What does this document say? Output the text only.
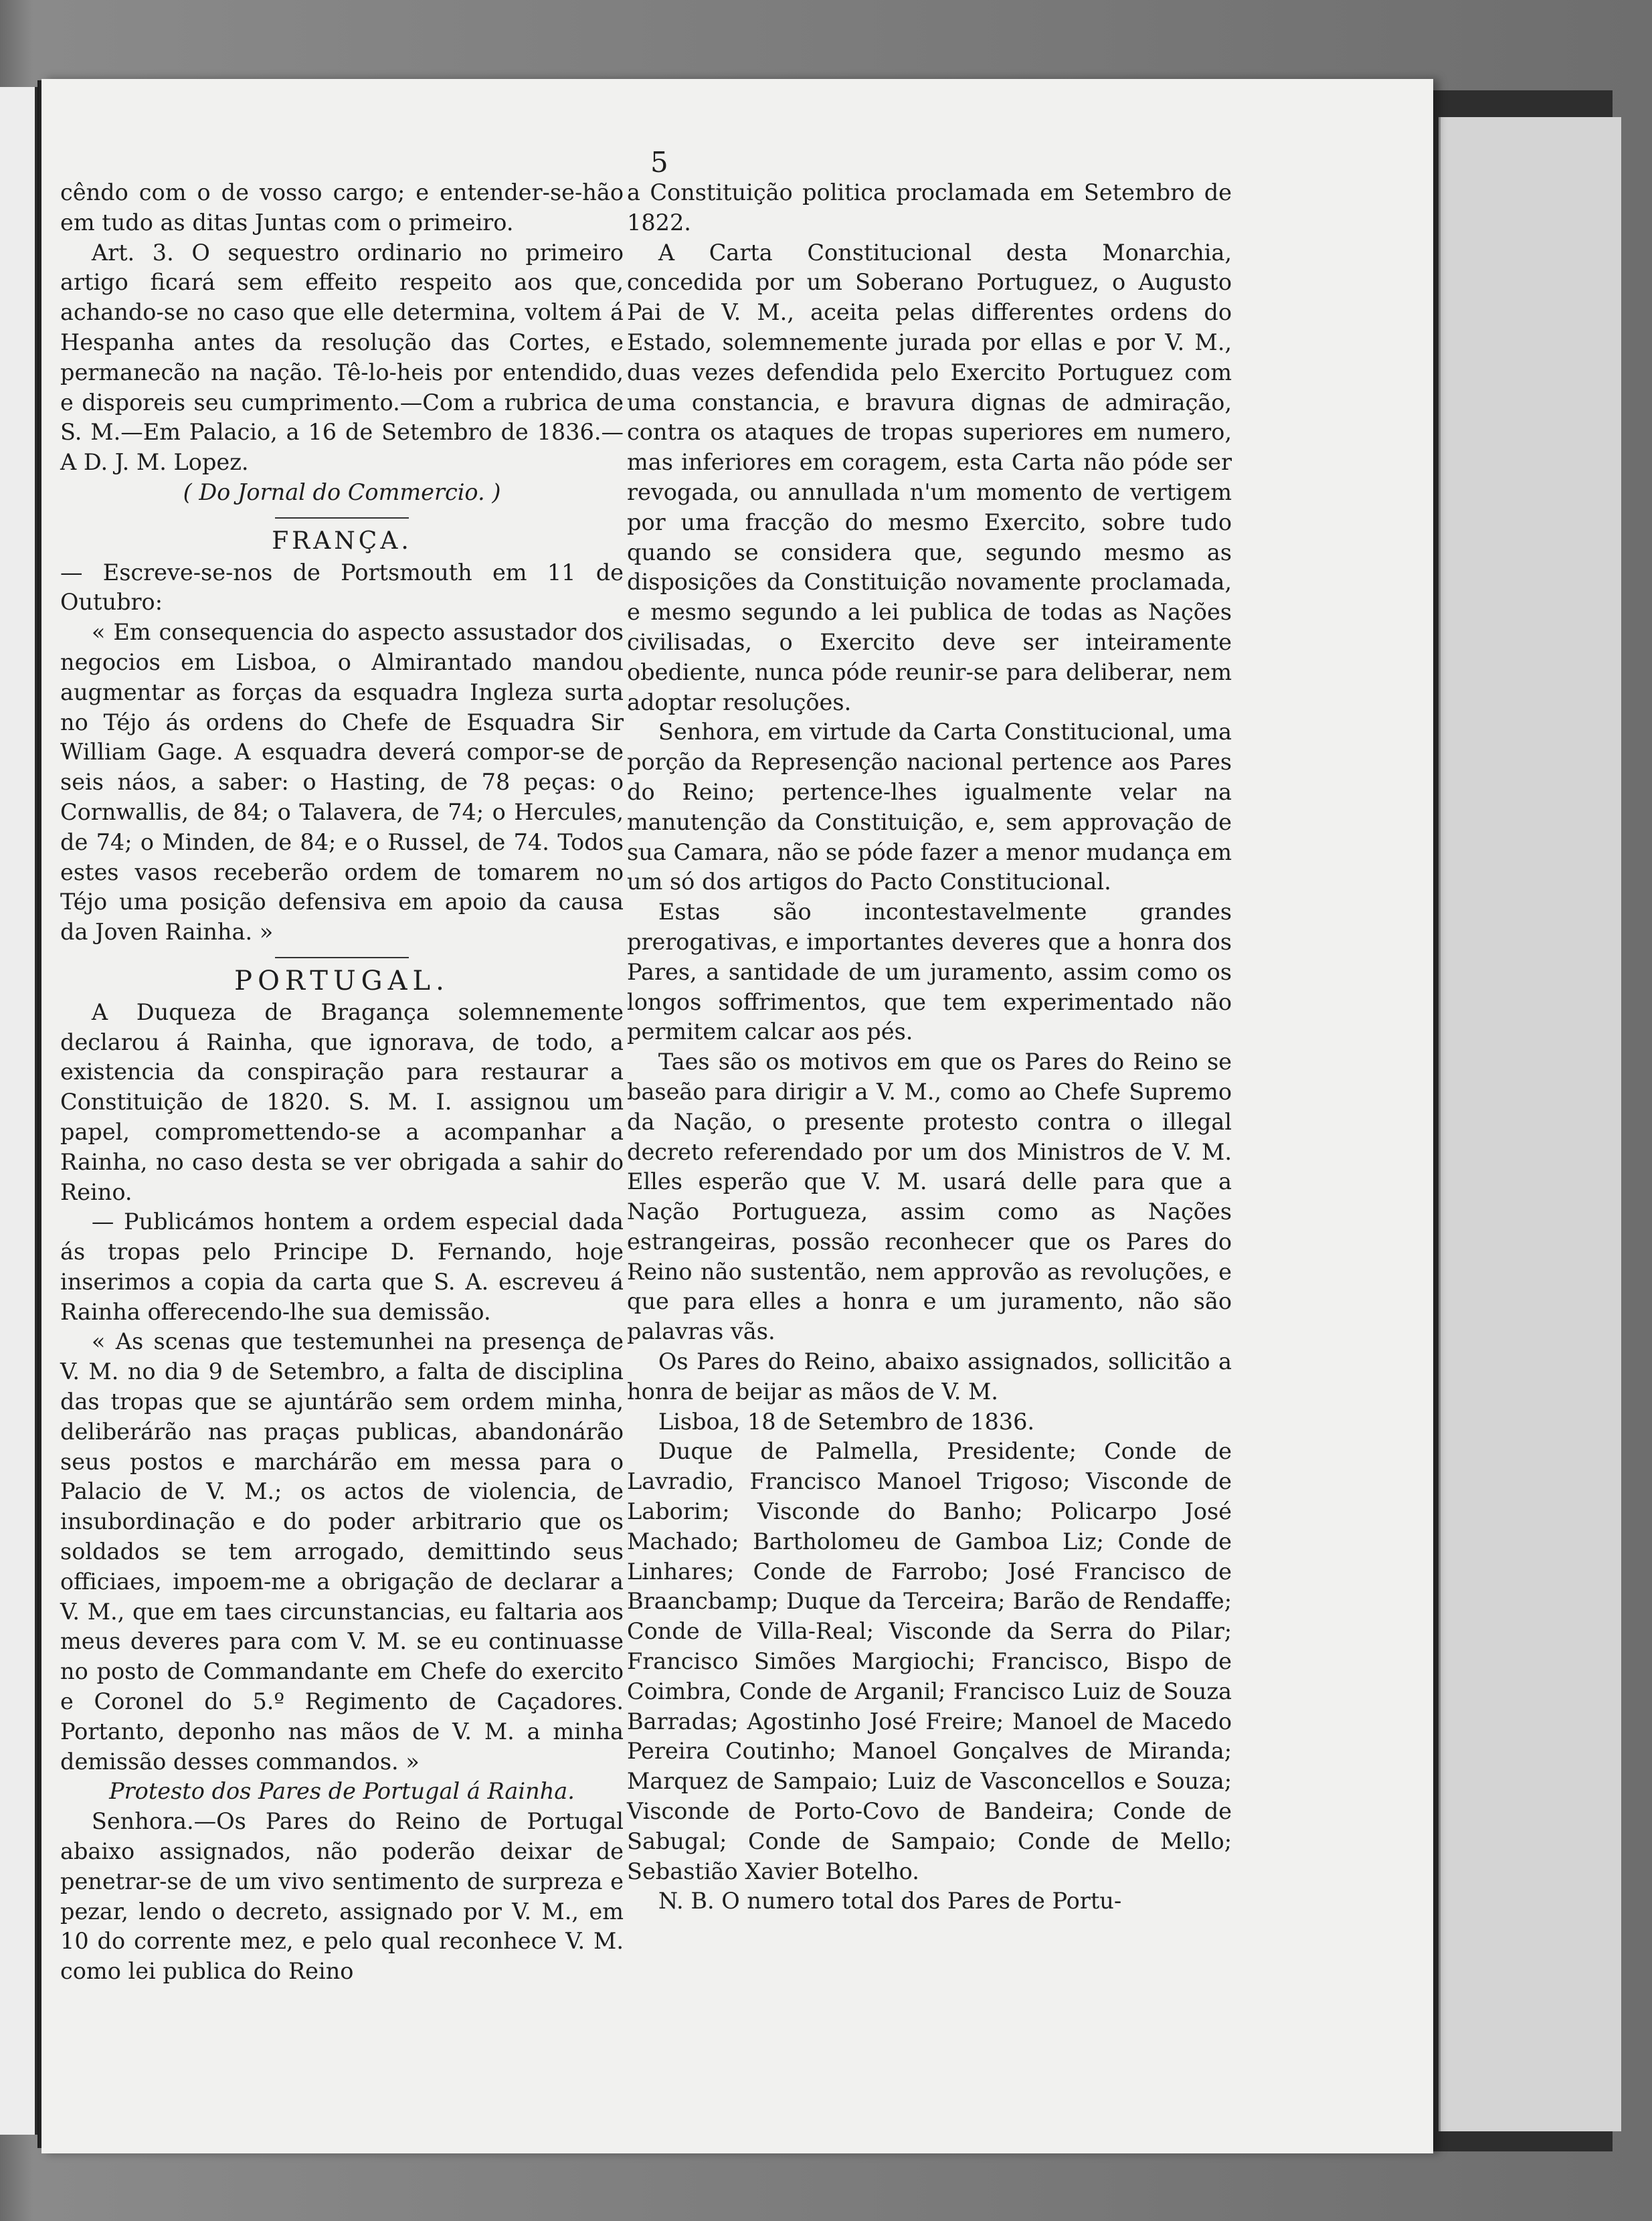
5

cêndo com o de vosso cargo; e entender-se-hão em tudo as ditas Juntas com o primeiro.

Art. 3. O sequestro ordinario no primeiro artigo ficará sem effeito respeito aos que, achando-se no caso que elle determina, voltem á Hespanha antes da resolução das Cortes, e permanecão na nação. Tê-lo-heis por entendido, e disporeis seu cumprimento.—Com a rubrica de S. M.—Em Palacio, a 16 de Setembro de 1836.—A D. J. M. Lopez.

( Do Jornal do Commercio. )

FRANÇA.

— Escreve-se-nos de Portsmouth em 11 de Outubro:

« Em consequencia do aspecto assustador dos negocios em Lisboa, o Almirantado mandou augmentar as forças da esquadra Ingleza surta no Téjo ás ordens do Chefe de Esquadra Sir William Gage. A esquadra deverá compor-se de seis náos, a saber: o Hasting, de 78 peças: o Cornwallis, de 84; o Talavera, de 74; o Hercules, de 74; o Minden, de 84; e o Russel, de 74. Todos estes vasos receberão ordem de tomarem no Téjo uma posição defensiva em apoio da causa da Joven Rainha. »

PORTUGAL.

A Duqueza de Bragança solemnemente declarou á Rainha, que ignorava, de todo, a existencia da conspiração para restaurar a Constituição de 1820. S. M. I. assignou um papel, compromettendo-se a acompanhar a Rainha, no caso desta se ver obrigada a sahir do Reino.

— Publicámos hontem a ordem especial dada ás tropas pelo Principe D. Fernando, hoje inserimos a copia da carta que S. A. escreveu á Rainha offerecendo-lhe sua demissão.

« As scenas que testemunhei na presença de V. M. no dia 9 de Setembro, a falta de disciplina das tropas que se ajuntárão sem ordem minha, deliberárão nas praças publicas, abandonárão seus postos e marchárão em messa para o Palacio de V. M.; os actos de violencia, de insubordinação e do poder arbitrario que os soldados se tem arrogado, demittindo seus officiaes, impoem-me a obrigação de declarar a V. M., que em taes circunstancias, eu faltaria aos meus deveres para com V. M. se eu continuasse no posto de Commandante em Chefe do exercito e Coronel do 5.º Regimento de Caçadores. Portanto, deponho nas mãos de V. M. a minha demissão desses commandos. »

Protesto dos Pares de Portugal á Rainha.

Senhora.—Os Pares do Reino de Portugal abaixo assignados, não poderão deixar de penetrar-se de um vivo sentimento de surpreza e pezar, lendo o decreto, assignado por V. M., em 10 do corrente mez, e pelo qual reconhece V. M. como lei publica do Reino

a Constituição politica proclamada em Setembro de 1822.

A Carta Constitucional desta Monarchia, concedida por um Soberano Portuguez, o Augusto Pai de V. M., aceita pelas differentes ordens do Estado, solemnemente jurada por ellas e por V. M., duas vezes defendida pelo Exercito Portuguez com uma constancia, e bravura dignas de admiração, contra os ataques de tropas superiores em numero, mas inferiores em coragem, esta Carta não póde ser revogada, ou annullada n'um momento de vertigem por uma fracção do mesmo Exercito, sobre tudo quando se considera que, segundo mesmo as disposições da Constituição novamente proclamada, e mesmo segundo a lei publica de todas as Nações civilisadas, o Exercito deve ser inteiramente obediente, nunca póde reunir-se para deliberar, nem adoptar resoluções.

Senhora, em virtude da Carta Constitucional, uma porção da Represenção nacional pertence aos Pares do Reino; pertence-lhes igualmente velar na manutenção da Constituição, e, sem approvação de sua Camara, não se póde fazer a menor mudança em um só dos artigos do Pacto Constitucional.

Estas são incontestavelmente grandes prerogativas, e importantes deveres que a honra dos Pares, a santidade de um juramento, assim como os longos soffrimentos, que tem experimentado não permitem calcar aos pés.

Taes são os motivos em que os Pares do Reino se baseão para dirigir a V. M., como ao Chefe Supremo da Nação, o presente protesto contra o illegal decreto referendado por um dos Ministros de V. M. Elles esperão que V. M. usará delle para que a Nação Portugueza, assim como as Nações estrangeiras, possão reconhecer que os Pares do Reino não sustentão, nem approvão as revoluções, e que para elles a honra e um juramento, não são palavras vãs.

Os Pares do Reino, abaixo assignados, sollicitão a honra de beijar as mãos de V. M.

Lisboa, 18 de Setembro de 1836.

Duque de Palmella, Presidente; Conde de Lavradio, Francisco Manoel Trigoso; Visconde de Laborim; Visconde do Banho; Policarpo José Machado; Bartholomeu de Gamboa Liz; Conde de Linhares; Conde de Farrobo; José Francisco de Braancbamp; Duque da Terceira; Barão de Rendaffe; Conde de Villa-Real; Visconde da Serra do Pilar; Francisco Simões Margiochi; Francisco, Bispo de Coimbra, Conde de Arganil; Francisco Luiz de Souza Barradas; Agostinho José Freire; Manoel de Macedo Pereira Coutinho; Manoel Gonçalves de Miranda; Marquez de Sampaio; Luiz de Vasconcellos e Souza; Visconde de Porto-Covo de Bandeira; Conde de Sabugal; Conde de Sampaio; Conde de Mello; Sebastião Xavier Botelho.

N. B. O numero total dos Pares de Portu-
